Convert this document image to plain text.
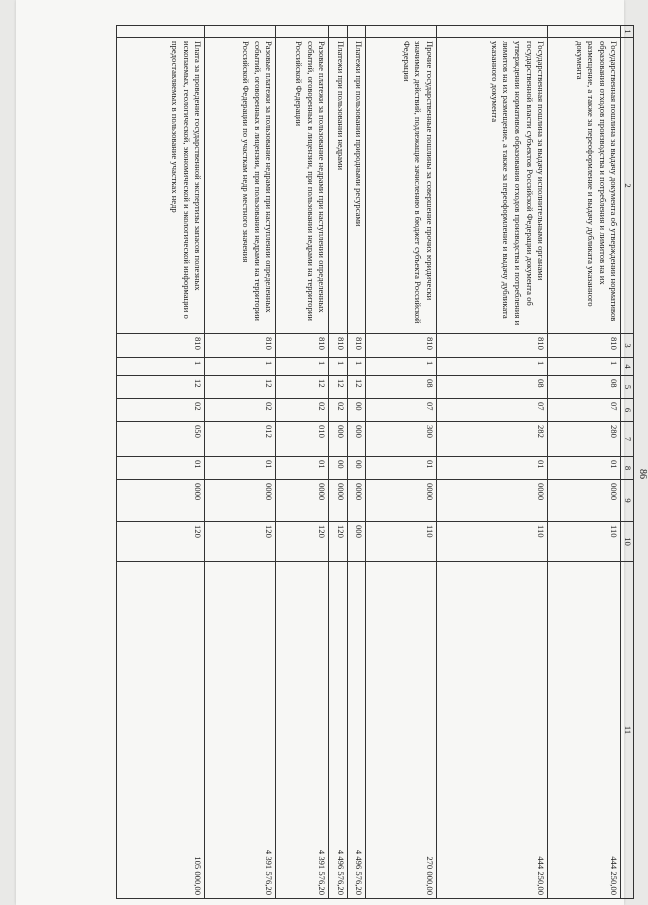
86
1	2	3	4	5	6	7	8	9	10	11
	Государственная пошлина за выдачу документа об утверждении нормативов образования отходов производства и потребления и лимитов на их размещение, а также за переоформление и выдачу дубликата указанного документа	810	1	08	07	280	01	0000	110	444 250,00
	Государственная пошлина за выдачу исполнительными органами государственной власти субъектов Российской Федерации документа об утверждении нормативов образования отходов производства и потребления и лимитов на их размещение, а также за переоформление и выдачу дубликата указанного документа	810	1	08	07	282	01	0000	110	444 250,00
	Прочие государственные пошлины за совершение прочих юридически значимых действий, подлежащие зачислению в бюджет субъекта Российской Федерации	810	1	08	07	300	01	0000	110	270 000,00
	Платежи при пользовании природными ресурсами	810	1	12	00	000	00	0000	000	4 496 576,20
	Платежи при пользовании недрами	810	1	12	02	000	00	0000	120	4 496 576,20
	Разовые платежи за пользование недрами при наступлении определенных событий, оговоренных в лицензии, при пользовании недрами на территории Российской Федерации	810	1	12	02	010	01	0000	120	4 391 576,20
	Разовые платежи за пользование недрами при наступлении определенных событий, оговоренных в лицензии, при пользовании недрами на территории Российской Федерации по участкам недр местного значения	810	1	12	02	012	01	0000	120	4 391 576,20
	Плата за проведение государственной экспертизы запасов полезных ископаемых, геологической, экономической и экологической информации о предоставляемых в пользование участках недр	810	1	12	02	050	01	0000	120	105 000,00
